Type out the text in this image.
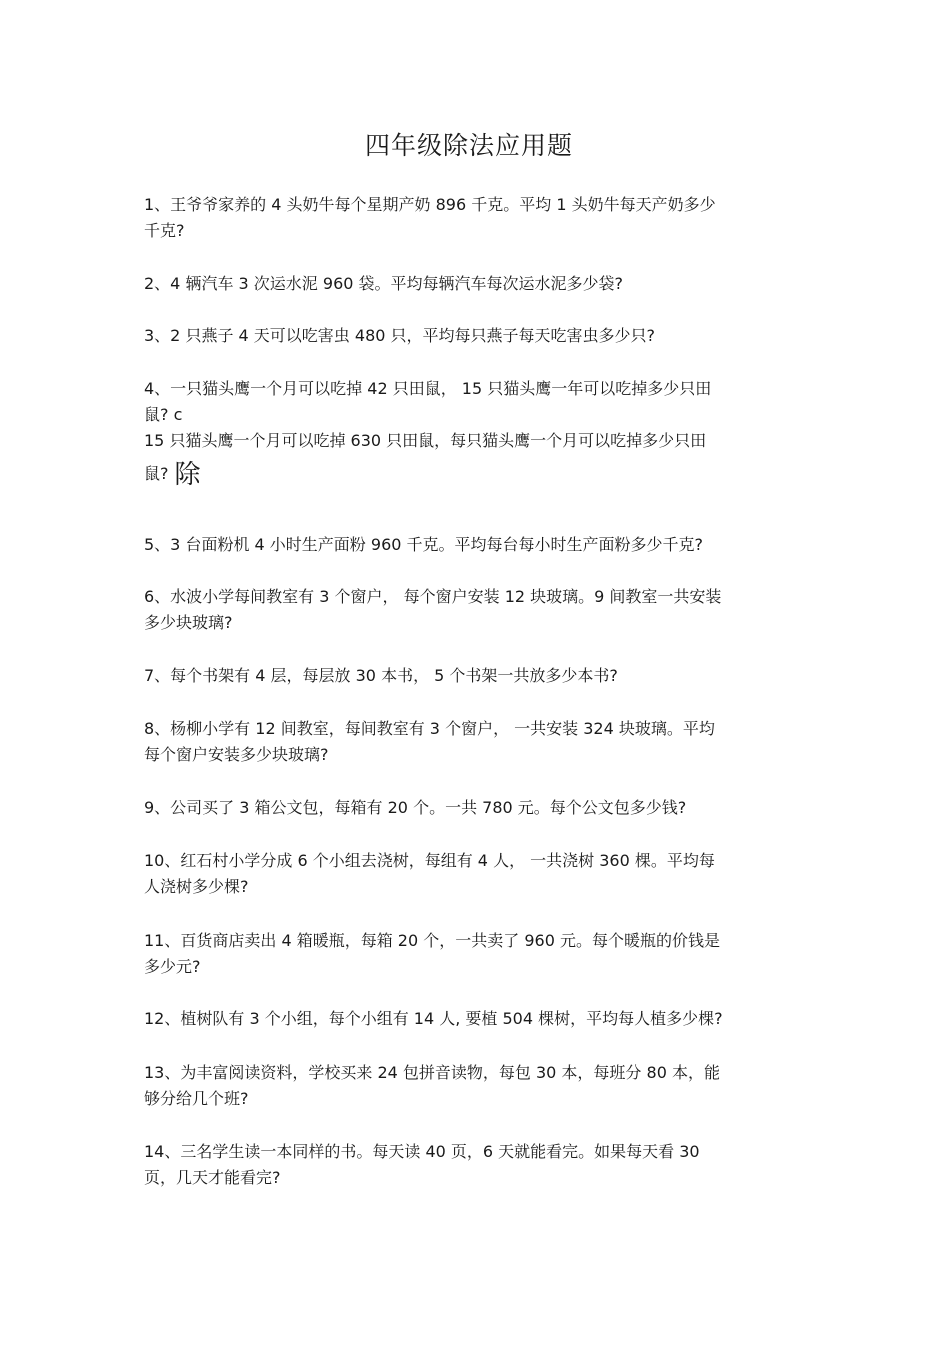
四年级除法应用题
1、王爷爷家养的 4 头奶牛每个星期产奶 896 千克。平均 1 头奶牛每天产奶多少
千克?
2、4 辆汽车 3 次运水泥 960 袋。平均每辆汽车每次运水泥多少袋?
3、2 只燕子 4 天可以吃害虫 480 只，平均每只燕子每天吃害虫多少只?
4、一只猫头鹰一个月可以吃掉 42 只田鼠， 15 只猫头鹰一年可以吃掉多少只田
鼠? c
15 只猫头鹰一个月可以吃掉 630 只田鼠，每只猫头鹰一个月可以吃掉多少只田
鼠? 除
5、3 台面粉机 4 小时生产面粉 960 千克。平均每台每小时生产面粉多少千克?
6、水波小学每间教室有 3 个窗户， 每个窗户安装 12 块玻璃。9 间教室一共安装
多少块玻璃?
7、每个书架有 4 层，每层放 30 本书， 5 个书架一共放多少本书?
8、杨柳小学有 12 间教室，每间教室有 3 个窗户， 一共安装 324 块玻璃。平均
每个窗户安装多少块玻璃?
9、公司买了 3 箱公文包，每箱有 20 个。一共 780 元。每个公文包多少钱?
10、红石村小学分成 6 个小组去浇树，每组有 4 人， 一共浇树 360 棵。平均每
人浇树多少棵?
11、百货商店卖出 4 箱暖瓶，每箱 20 个，一共卖了 960 元。每个暖瓶的价钱是
多少元?
12、植树队有 3 个小组，每个小组有 14 人, 要植 504 棵树，平均每人植多少棵?
13、为丰富阅读资料，学校买来 24 包拼音读物，每包 30 本，每班分 80 本，能
够分给几个班?
14、三名学生读一本同样的书。每天读 40 页，6 天就能看完。如果每天看 30
页，几天才能看完?
